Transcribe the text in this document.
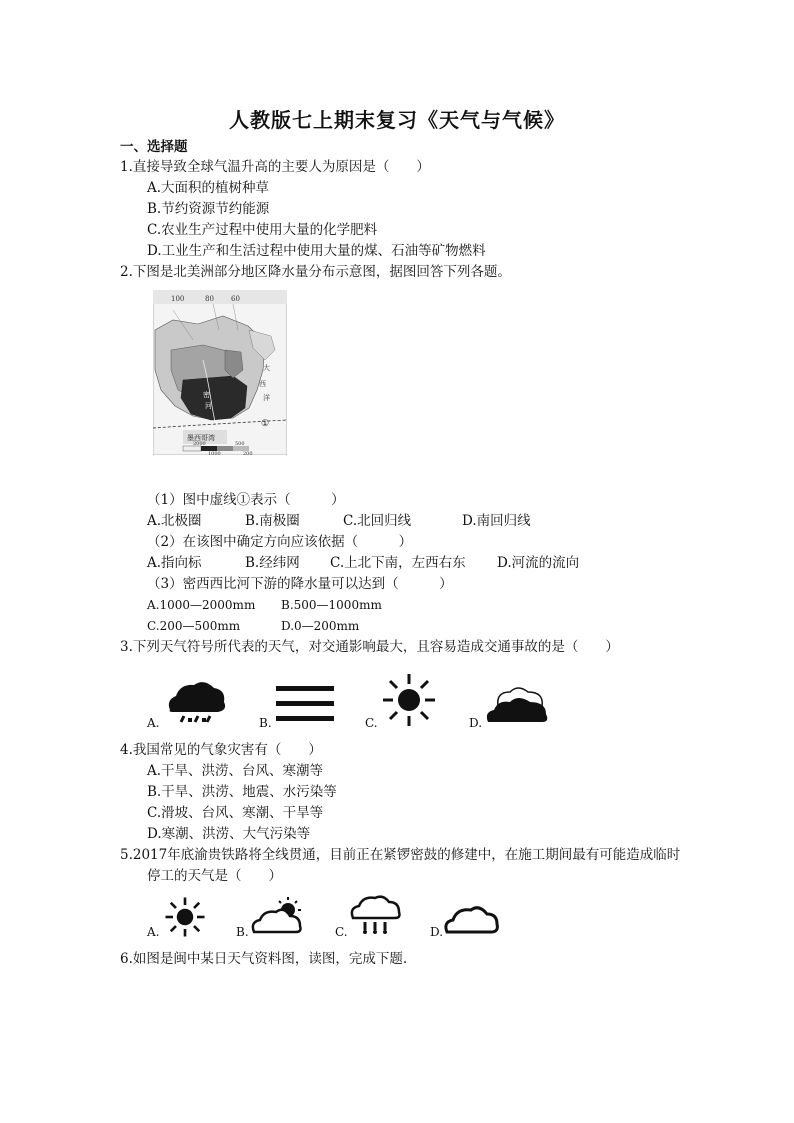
人教版七上期末复习《天气与气候》
一、选择题
1.直接导致全球气温升高的主要人为原因是（　　）
A.大面积的植树种草
B.节约资源节约能源
C.农业生产过程中使用大量的化学肥料
D.工业生产和生活过程中使用大量的煤、石油等矿物燃料
2.下图是北美洲部分地区降水量分布示意图，据图回答下列各题。
100	80 60
密
河
墨西哥湾
大
西
洋
①
2000	500
1000	200
（1）图中虚线①表示（　　　）
A.北极圈	B.南极圈	C.北回归线	D.南回归线
（2）在该图中确定方向应该依据（　　　）
A.指向标	B.经纬网 C.上北下南，左西右东 D.河流的流向
（3）密西西比河下游的降水量可以达到（　　　）
A.1000—2000mm B.500—1000mm
C.200—500mm	D.0—200mm
3.下列天气符号所代表的天气，对交通影响最大，且容易造成交通事故的是（　　）
A.	B.	C.	D.
4.我国常见的气象灾害有（　　）
A.干旱、洪涝、台风、寒潮等
B.干旱、洪涝、地震、水污染等
C.滑坡、台风、寒潮、干旱等
D.寒潮、洪涝、大气污染等
5.2017年底渝贵铁路将全线贯通，目前正在紧锣密鼓的修建中，在施工期间最有可能造成临时
停工的天气是（　　）
A.	B.	C.	D.
6.如图是闽中某日天气资料图，读图，完成下题.
